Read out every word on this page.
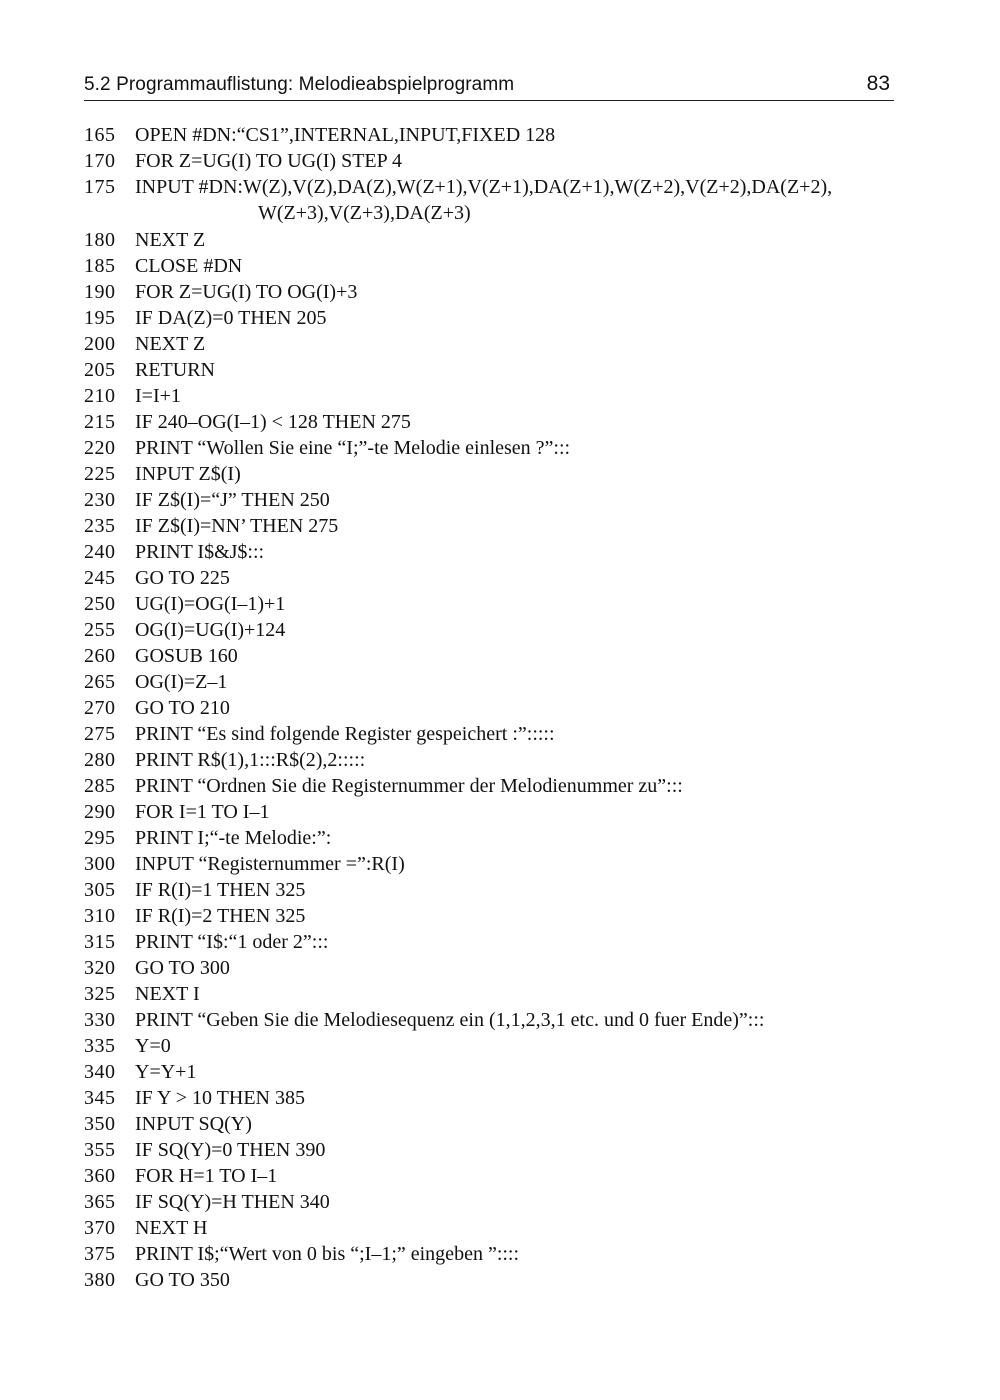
5.2 Programmauflistung: Melodieabspielprogramm	83
165 OPEN #DN:“CS1”,INTERNAL,INPUT,FIXED 128
170 FOR Z=UG(I) TO UG(I) STEP 4
175 INPUT #DN:W(Z),V(Z),DA(Z),W(Z+1),V(Z+1),DA(Z+1),W(Z+2),V(Z+2),DA(Z+2),
W(Z+3),V(Z+3),DA(Z+3)
180 NEXT Z
185 CLOSE #DN
190 FOR Z=UG(I) TO OG(I)+3
195 IF DA(Z)=0 THEN 205
200 NEXT Z
205 RETURN
210 I=I+1
215 IF 240–OG(I–1) < 128 THEN 275
220 PRINT “Wollen Sie eine “I;”-te Melodie einlesen ?”:::
225 INPUT Z$(I)
230 IF Z$(I)=“J” THEN 250
235 IF Z$(I)=NN’ THEN 275
240 PRINT I$&J$:::
245 GO TO 225
250 UG(I)=OG(I–1)+1
255 OG(I)=UG(I)+124
260 GOSUB 160
265 OG(I)=Z–1
270 GO TO 210
275 PRINT “Es sind folgende Register gespeichert :”:::::
280 PRINT R$(1),1:::R$(2),2:::::
285 PRINT “Ordnen Sie die Registernummer der Melodienummer zu”:::
290 FOR I=1 TO I–1
295 PRINT I;“-te Melodie:”:
300 INPUT “Registernummer =”:R(I)
305 IF R(I)=1 THEN 325
310 IF R(I)=2 THEN 325
315 PRINT “I$:“1 oder 2”:::
320 GO TO 300
325 NEXT I
330 PRINT “Geben Sie die Melodiesequenz ein (1,1,2,3,1 etc. und 0 fuer Ende)”:::
335 Y=0
340 Y=Y+1
345 IF Y > 10 THEN 385
350 INPUT SQ(Y)
355 IF SQ(Y)=0 THEN 390
360 FOR H=1 TO I–1
365 IF SQ(Y)=H THEN 340
370 NEXT H
375 PRINT I$;“Wert von 0 bis “;I–1;” eingeben ”::::
380 GO TO 350
